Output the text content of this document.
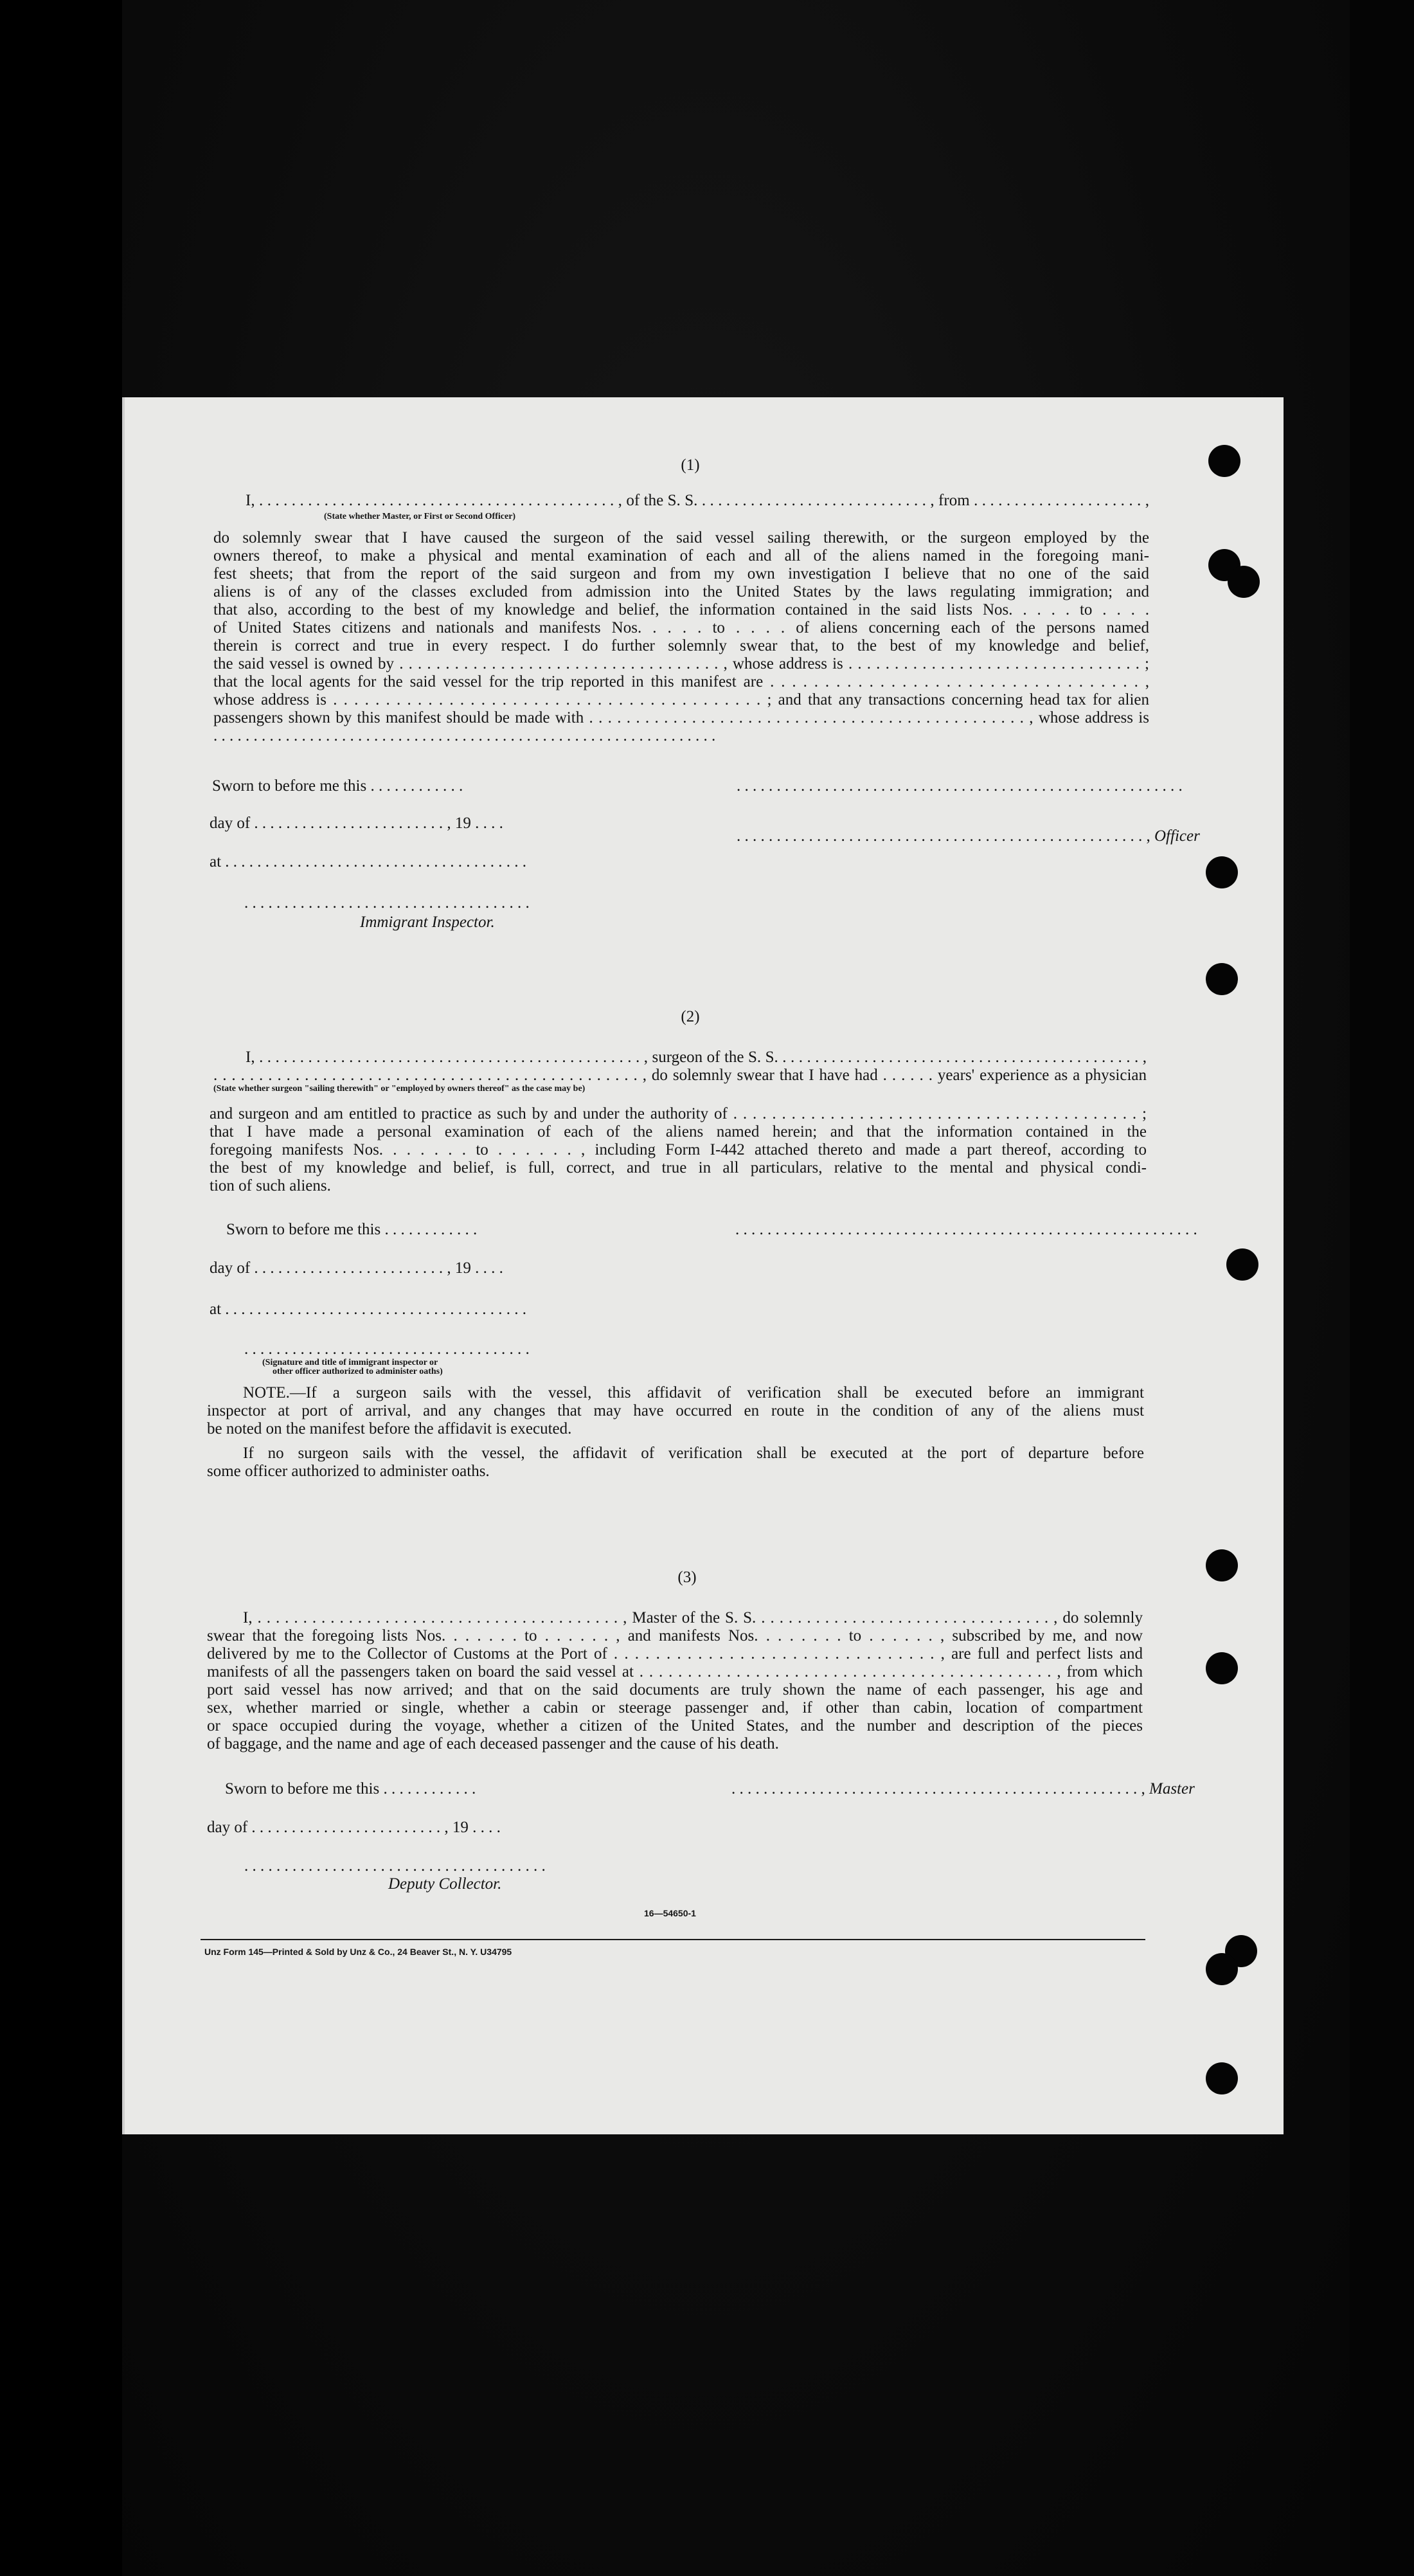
(1)
I, . . . . . . . . . . . . . . . . . . . . . . . . . . . . . . . . . . . . . . . . . . . . , of the S. S. . . . . . . . . . . . . . . . . . . . . . . . . . . . . , from . . . . . . . . . . . . . . . . . . . . . ,
(State whether Master, or First or Second Officer)
do solemnly swear that I have caused the surgeon of the said vessel sailing therewith, or the surgeon employed by the
owners thereof, to make a physical and mental examination of each and all of the aliens named in the foregoing mani-
fest sheets; that from the report of the said surgeon and from my own investigation I believe that no one of the said
aliens is of any of the classes excluded from admission into the United States by the laws regulating immigration; and
that also, according to the best of my knowledge and belief, the information contained in the said lists Nos. . . . . to . . . .
of United States citizens and nationals and manifests Nos. . . . . to . . . . of aliens concerning each of the persons named
therein is correct and true in every respect. I do further solemnly swear that, to the best of my knowledge and belief,
the said vessel is owned by . . . . . . . . . . . . . . . . . . . . . . . . . . . . . . . . . . . , whose address is . . . . . . . . . . . . . . . . . . . . . . . . . . . . . . . . ;
that the local agents for the said vessel for the trip reported in this manifest are . . . . . . . . . . . . . . . . . . . . . . . . . . . . . . . . . . ,
whose address is . . . . . . . . . . . . . . . . . . . . . . . . . . . . . . . . . . . . . . . . . ; and that any transactions concerning head tax for alien
passengers shown by this manifest should be made with . . . . . . . . . . . . . . . . . . . . . . . . . . . . . . . . . . . . . . . . . . . . . . . , whose address is
. . . . . . . . . . . . . . . . . . . . . . . . . . . . . . . . . . . . . . . . . . . . . . . . . . . . . . . . . . . . . . .
Sworn to before me this . . . . . . . . . . . .	. . . . . . . . . . . . . . . . . . . . . . . . . . . . . . . . . . . . . . . . . . . . . . . . . . . . . . . .
day of . . . . . . . . . . . . . . . . . . . . . . . . , 19 . . . .
. . . . . . . . . . . . . . . . . . . . . . . . . . . . . . . . . . . . . . . . . . . . . . . . . . . , Officer
at . . . . . . . . . . . . . . . . . . . . . . . . . . . . . . . . . . . . . .
. . . . . . . . . . . . . . . . . . . . . . . . . . . . . . . . . . . .
Immigrant Inspector.
(2)
I, . . . . . . . . . . . . . . . . . . . . . . . . . . . . . . . . . . . . . . . . . . . . . . . , surgeon of the S. S. . . . . . . . . . . . . . . . . . . . . . . . . . . . . . . . . . . . . . . . . . . . . ,
. . . . . . . . . . . . . . . . . . . . . . . . . . . . . . . . . . . . . . . . . . . . . . . , do solemnly swear that I have had . . . . . . years' experience as a physician
(State whether surgeon "sailing therewith" or "employed by owners thereof" as the case may be)
and surgeon and am entitled to practice as such by and under the authority of . . . . . . . . . . . . . . . . . . . . . . . . . . . . . . . . . . . . . . . . . . ;
that I have made a personal examination of each of the aliens named herein; and that the information contained in the
foregoing manifests Nos. . . . . . . to . . . . . . , including Form I-442 attached thereto and made a part thereof, according to
the best of my knowledge and belief, is full, correct, and true in all particulars, relative to the mental and physical condi-
tion of such aliens.
Sworn to before me this . . . . . . . . . . . .	. . . . . . . . . . . . . . . . . . . . . . . . . . . . . . . . . . . . . . . . . . . . . . . . . . . . . . . . . .
day of . . . . . . . . . . . . . . . . . . . . . . . . , 19 . . . .
at . . . . . . . . . . . . . . . . . . . . . . . . . . . . . . . . . . . . . .
. . . . . . . . . . . . . . . . . . . . . . . . . . . . . . . . . . . .
(Signature and title of immigrant inspector or
other officer authorized to administer oaths)
NOTE.—If a surgeon sails with the vessel, this affidavit of verification shall be executed before an immigrant
inspector at port of arrival, and any changes that may have occurred en route in the condition of any of the aliens must
be noted on the manifest before the affidavit is executed.
If no surgeon sails with the vessel, the affidavit of verification shall be executed at the port of departure before
some officer authorized to administer oaths.
(3)
I, . . . . . . . . . . . . . . . . . . . . . . . . . . . . . . . . . . . . . . . . , Master of the S. S. . . . . . . . . . . . . . . . . . . . . . . . . . . . . . . . . , do solemnly
swear that the foregoing lists Nos. . . . . . . to . . . . . . , and manifests Nos. . . . . . . . to . . . . . . , subscribed by me, and now
delivered by me to the Collector of Customs at the Port of . . . . . . . . . . . . . . . . . . . . . . . . . . . . . . . , are full and perfect lists and
manifests of all the passengers taken on board the said vessel at . . . . . . . . . . . . . . . . . . . . . . . . . . . . . . . . . . . . . . . . . . . , from which
port said vessel has now arrived; and that on the said documents are truly shown the name of each passenger, his age and
sex, whether married or single, whether a cabin or steerage passenger and, if other than cabin, location of compartment
or space occupied during the voyage, whether a citizen of the United States, and the number and description of the pieces
of baggage, and the name and age of each deceased passenger and the cause of his death.
Sworn to before me this . . . . . . . . . . . .	. . . . . . . . . . . . . . . . . . . . . . . . . . . . . . . . . . . . . . . . . . . . . . . . . . . , Master
day of . . . . . . . . . . . . . . . . . . . . . . . . , 19 . . . .
. . . . . . . . . . . . . . . . . . . . . . . . . . . . . . . . . . . . . .
Deputy Collector.
16—54650-1
Unz Form 145—Printed & Sold by Unz & Co., 24 Beaver St., N. Y. U34795
